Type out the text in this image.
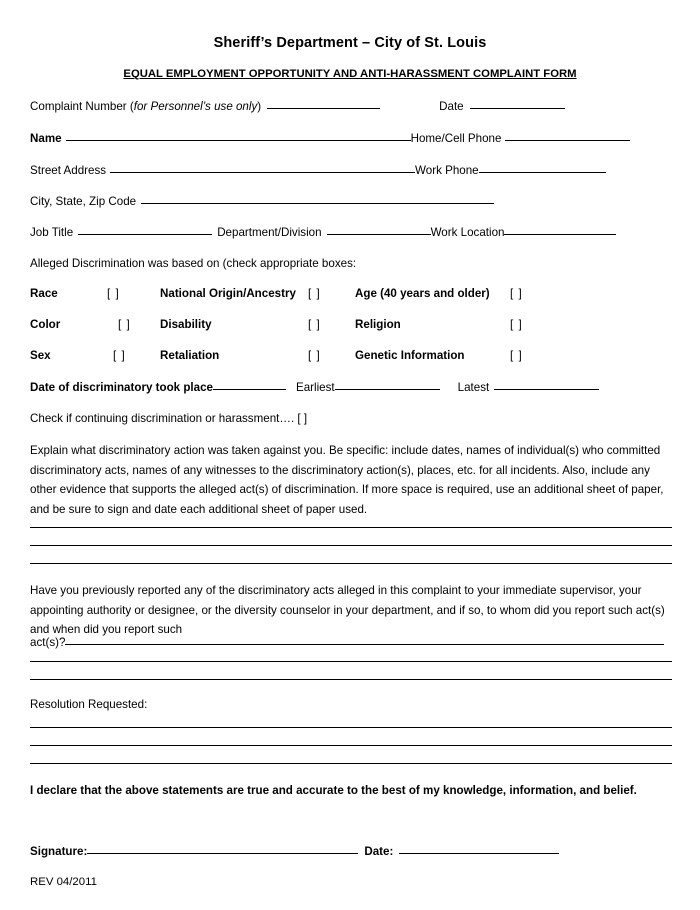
Sheriff’s Department – City of St. Louis
EQUAL EMPLOYMENT OPPORTUNITY AND ANTI-HARASSMENT COMPLAINT FORM
Complaint Number ( for Personnel’s use only )	Date
Name	Home/Cell Phone
Street Address	Work Phone
City, State, Zip Code
Job Title	Department/Division	Work Location
Alleged Discrimination was based on (check appropriate boxes:
Race	[ ]	National Origin/Ancestry [ ]	Age (40 years and older) [ ]
Color	[ ]	Disability	[ ]	Religion	[ ]
Sex	[ ]	Retaliation	[ ]	Genetic Information	[ ]
Date of discriminatory took place	Earliest	Latest
Check if continuing discrimination or harassment…. [ ]
Explain what discriminatory action was taken against you. Be specific: include dates, names of individual(s) who committed discriminatory acts, names of any witnesses to the discriminatory action(s), places, etc. for all incidents. Also, include any other evidence that supports the alleged act(s) of discrimination. If more space is required, use an additional sheet of paper, and be sure to sign and date each additional sheet of paper used.
Have you previously reported any of the discriminatory acts alleged in this complaint to your immediate supervisor, your appointing authority or designee, or the diversity counselor in your department, and if so, to whom did you report such act(s) and when did you report such
act(s)?
Resolution Requested:
I declare that the above statements are true and accurate to the best of my knowledge, information, and belief.
Signature:	Date:
REV 04/2011
